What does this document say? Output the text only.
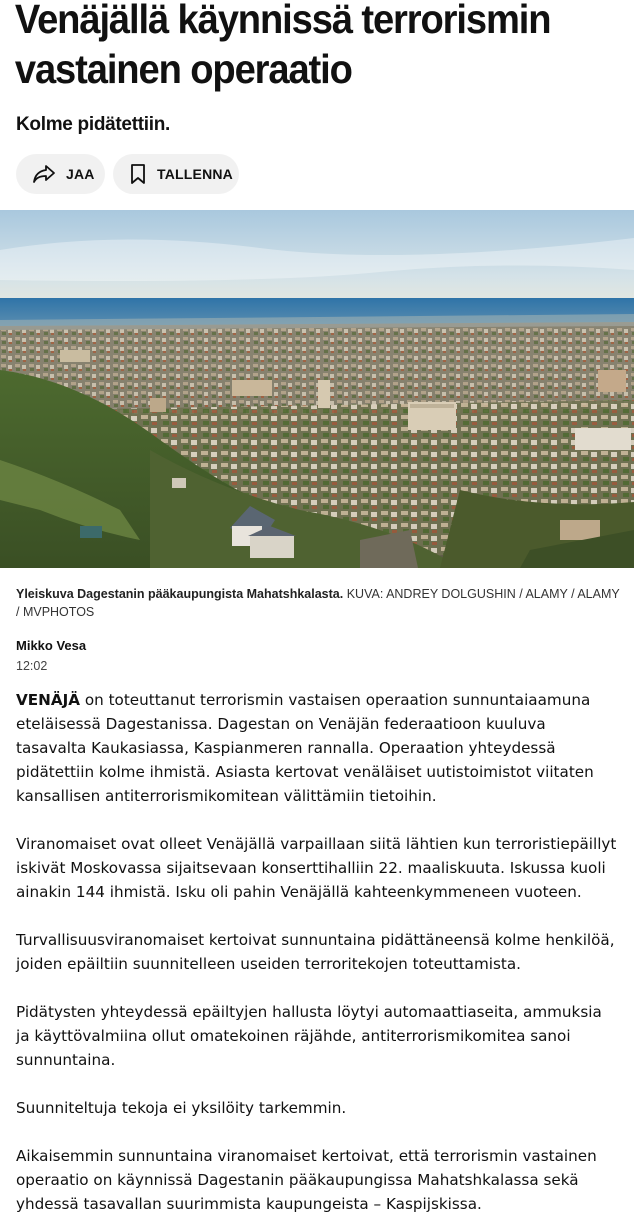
Venäjällä käynnissä terrorismin vastainen operaatio

Kolme pidätettiin.

JAA	TALLENNA
Yleiskuva Dagestanin pääkaupungista Mahatshkalasta. KUVA: ANDREY DOLGUSHIN / ALAMY / ALAMY / MVPHOTOS
Mikko Vesa
12:02

VENÄJÄ on toteuttanut terrorismin vastaisen operaation sunnuntaiaamuna eteläisessä Dagestanissa. Dagestan on Venäjän federaatioon kuuluva tasavalta Kaukasiassa, Kaspianmeren rannalla. Operaation yhteydessä pidätettiin kolme ihmistä. Asiasta kertovat venäläiset uutistoimistot viitaten kansallisen antiterrorismikomitean välittämiin tietoihin.

Viranomaiset ovat olleet Venäjällä varpaillaan siitä lähtien kun terroristiepäillyt iskivät Moskovassa sijaitsevaan konserttihalliin 22. maaliskuuta. Iskussa kuoli ainakin 144 ihmistä. Isku oli pahin Venäjällä kahteenkymmeneen vuoteen.

Turvallisuusviranomaiset kertoivat sunnuntaina pidättäneensä kolme henkilöä, joiden epäiltiin suunnitelleen useiden terroritekojen toteuttamista.

Pidätysten yhteydessä epäiltyjen hallusta löytyi automaattiaseita, ammuksia ja käyttövalmiina ollut omatekoinen räjähde, antiterrorismikomitea sanoi sunnuntaina.

Suunniteltuja tekoja ei yksilöity tarkemmin.

Aikaisemmin sunnuntaina viranomaiset kertoivat, että terrorismin vastainen operaatio on käynnissä Dagestanin pääkaupungissa Mahatshkalassa sekä yhdessä tasavallan suurimmista kaupungeista – Kaspijskissa.
